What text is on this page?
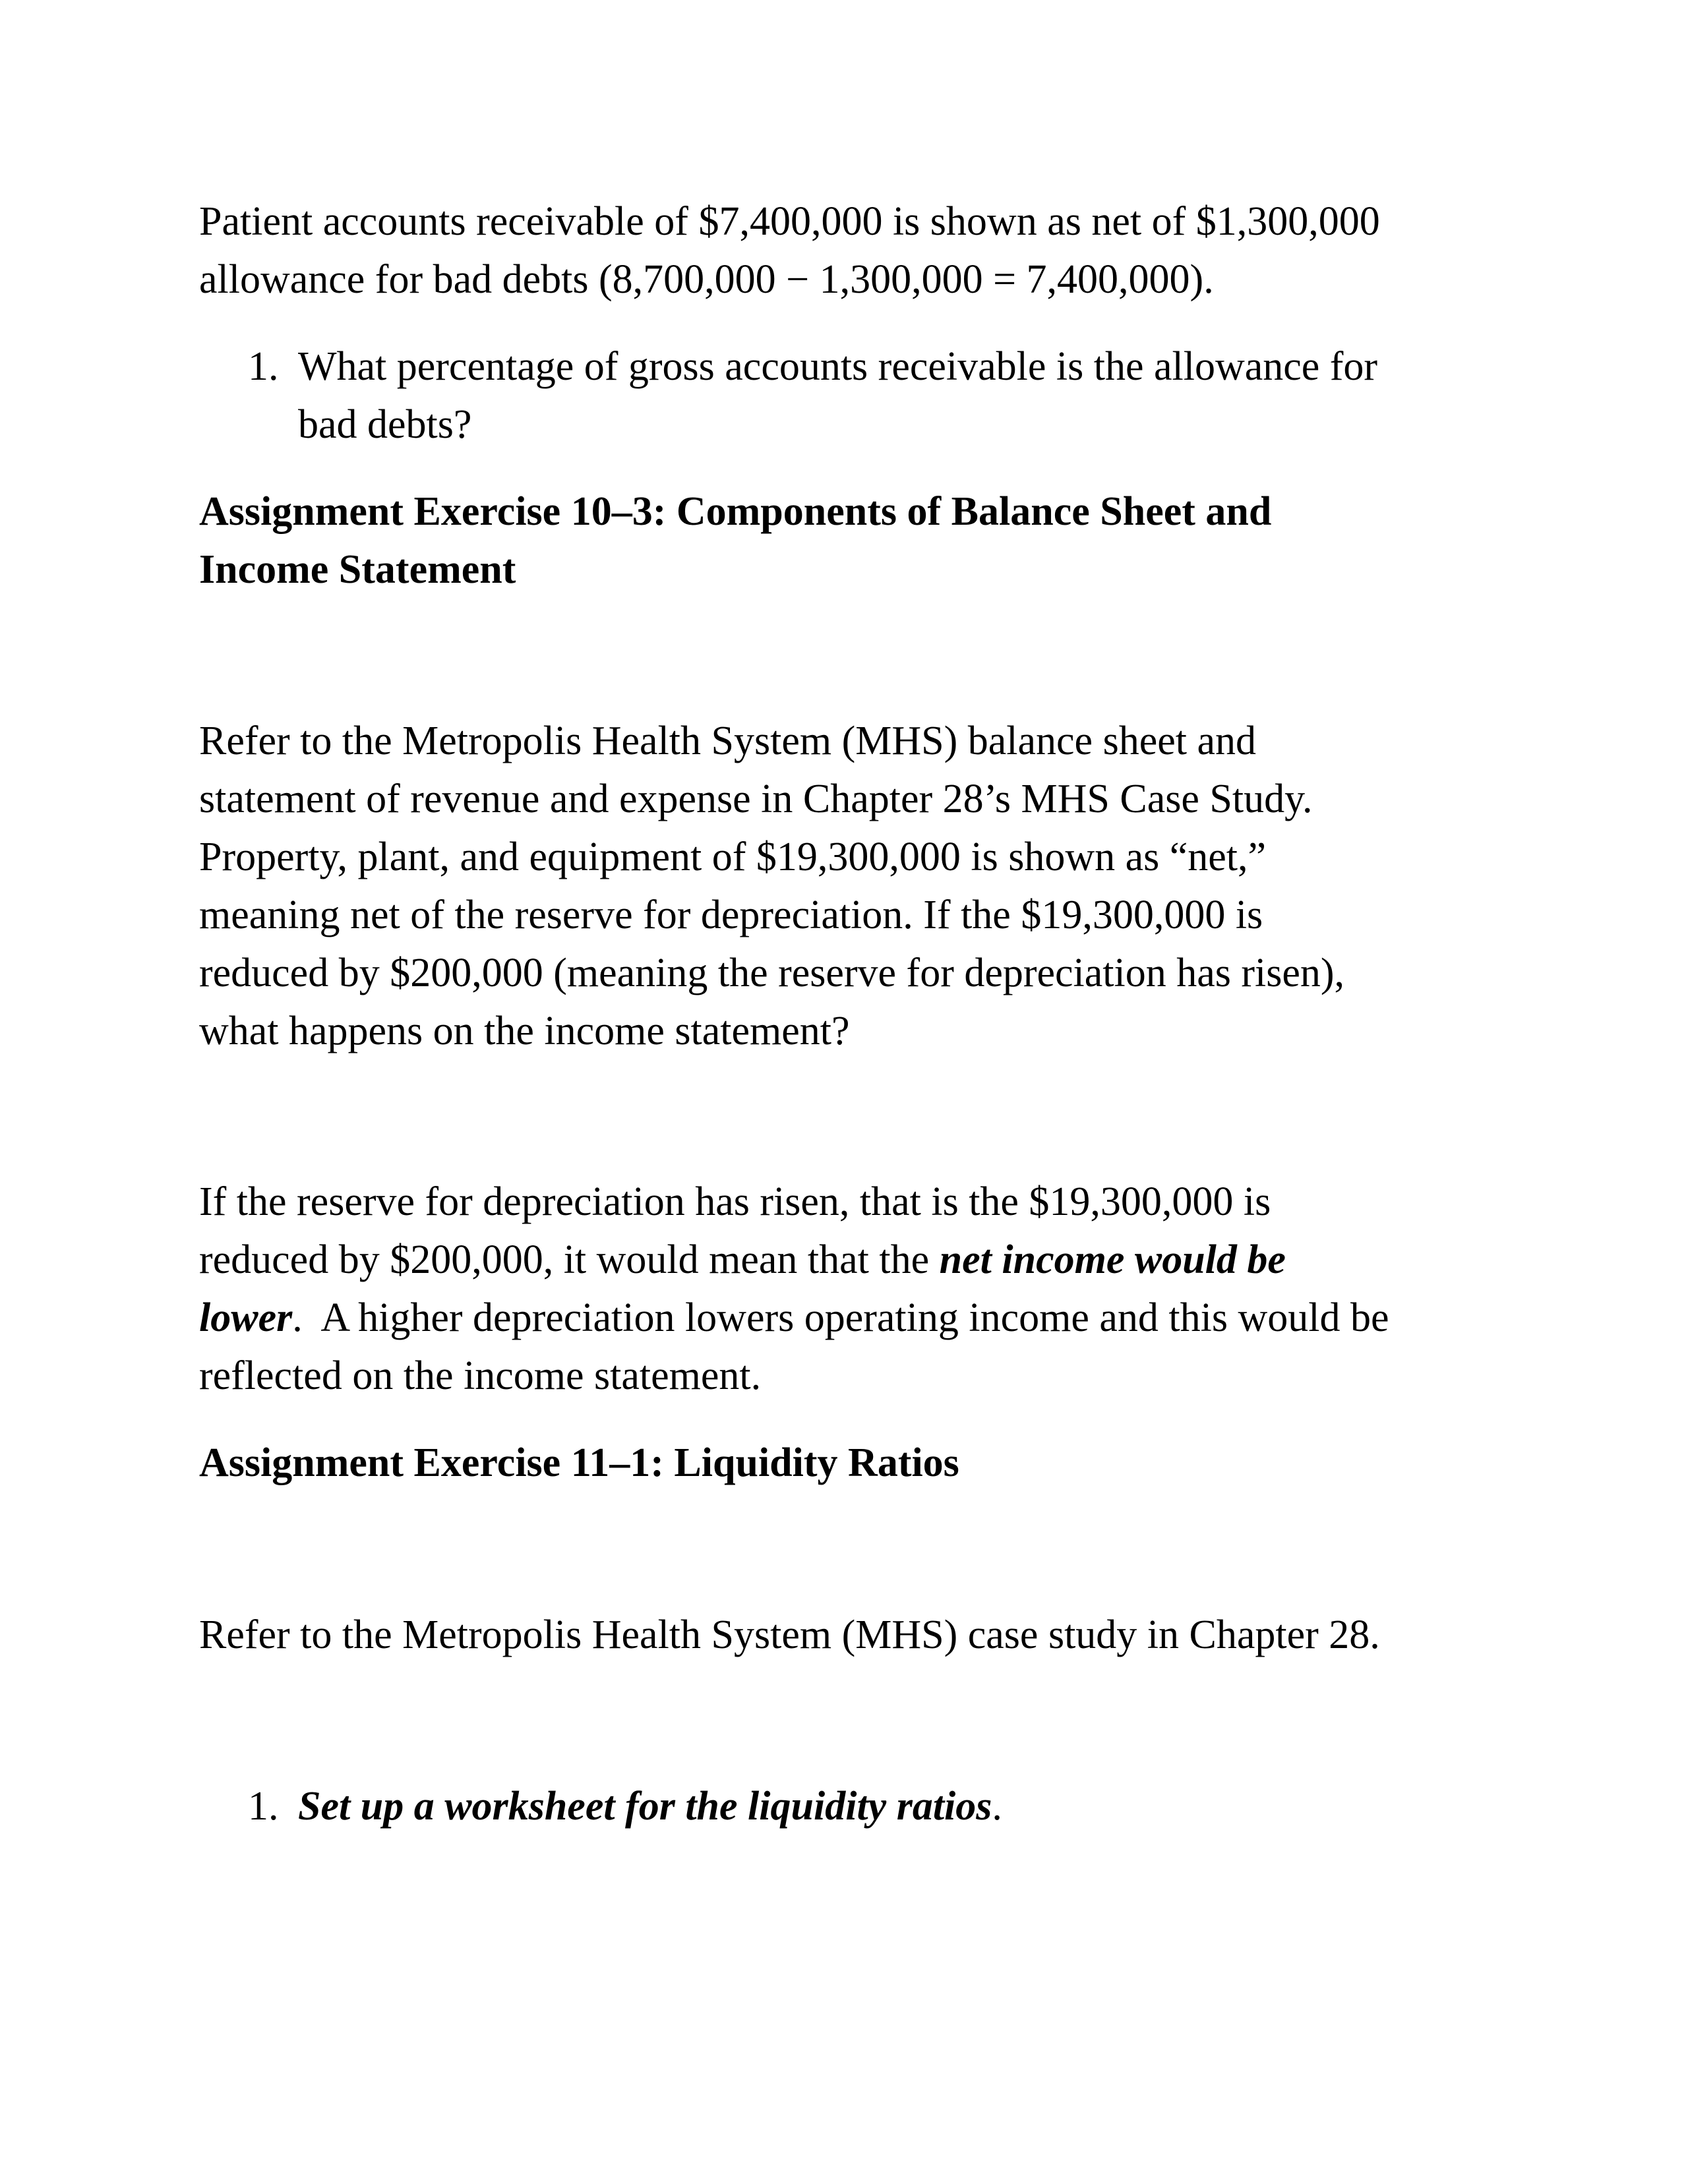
Patient accounts receivable of $7,400,000 is shown as net of $1,300,000
allowance for bad debts (8,700,000 − 1,300,000 = 7,400,000).

1. What percentage of gross accounts receivable is the allowance for
bad debts?

Assignment Exercise 10–3: Components of Balance Sheet and
Income Statement

Refer to the Metropolis Health System (MHS) balance sheet and
statement of revenue and expense in Chapter 28’s MHS Case Study.
Property, plant, and equipment of $19,300,000 is shown as “net,”
meaning net of the reserve for depreciation. If the $19,300,000 is
reduced by $200,000 (meaning the reserve for depreciation has risen),
what happens on the income statement?

If the reserve for depreciation has risen, that is the $19,300,000 is
reduced by $200,000, it would mean that the net income would be
lower.  A higher depreciation lowers operating income and this would be
reflected on the income statement.

Assignment Exercise 11–1: Liquidity Ratios

Refer to the Metropolis Health System (MHS) case study in Chapter 28.

1. Set up a worksheet for the liquidity ratios.
